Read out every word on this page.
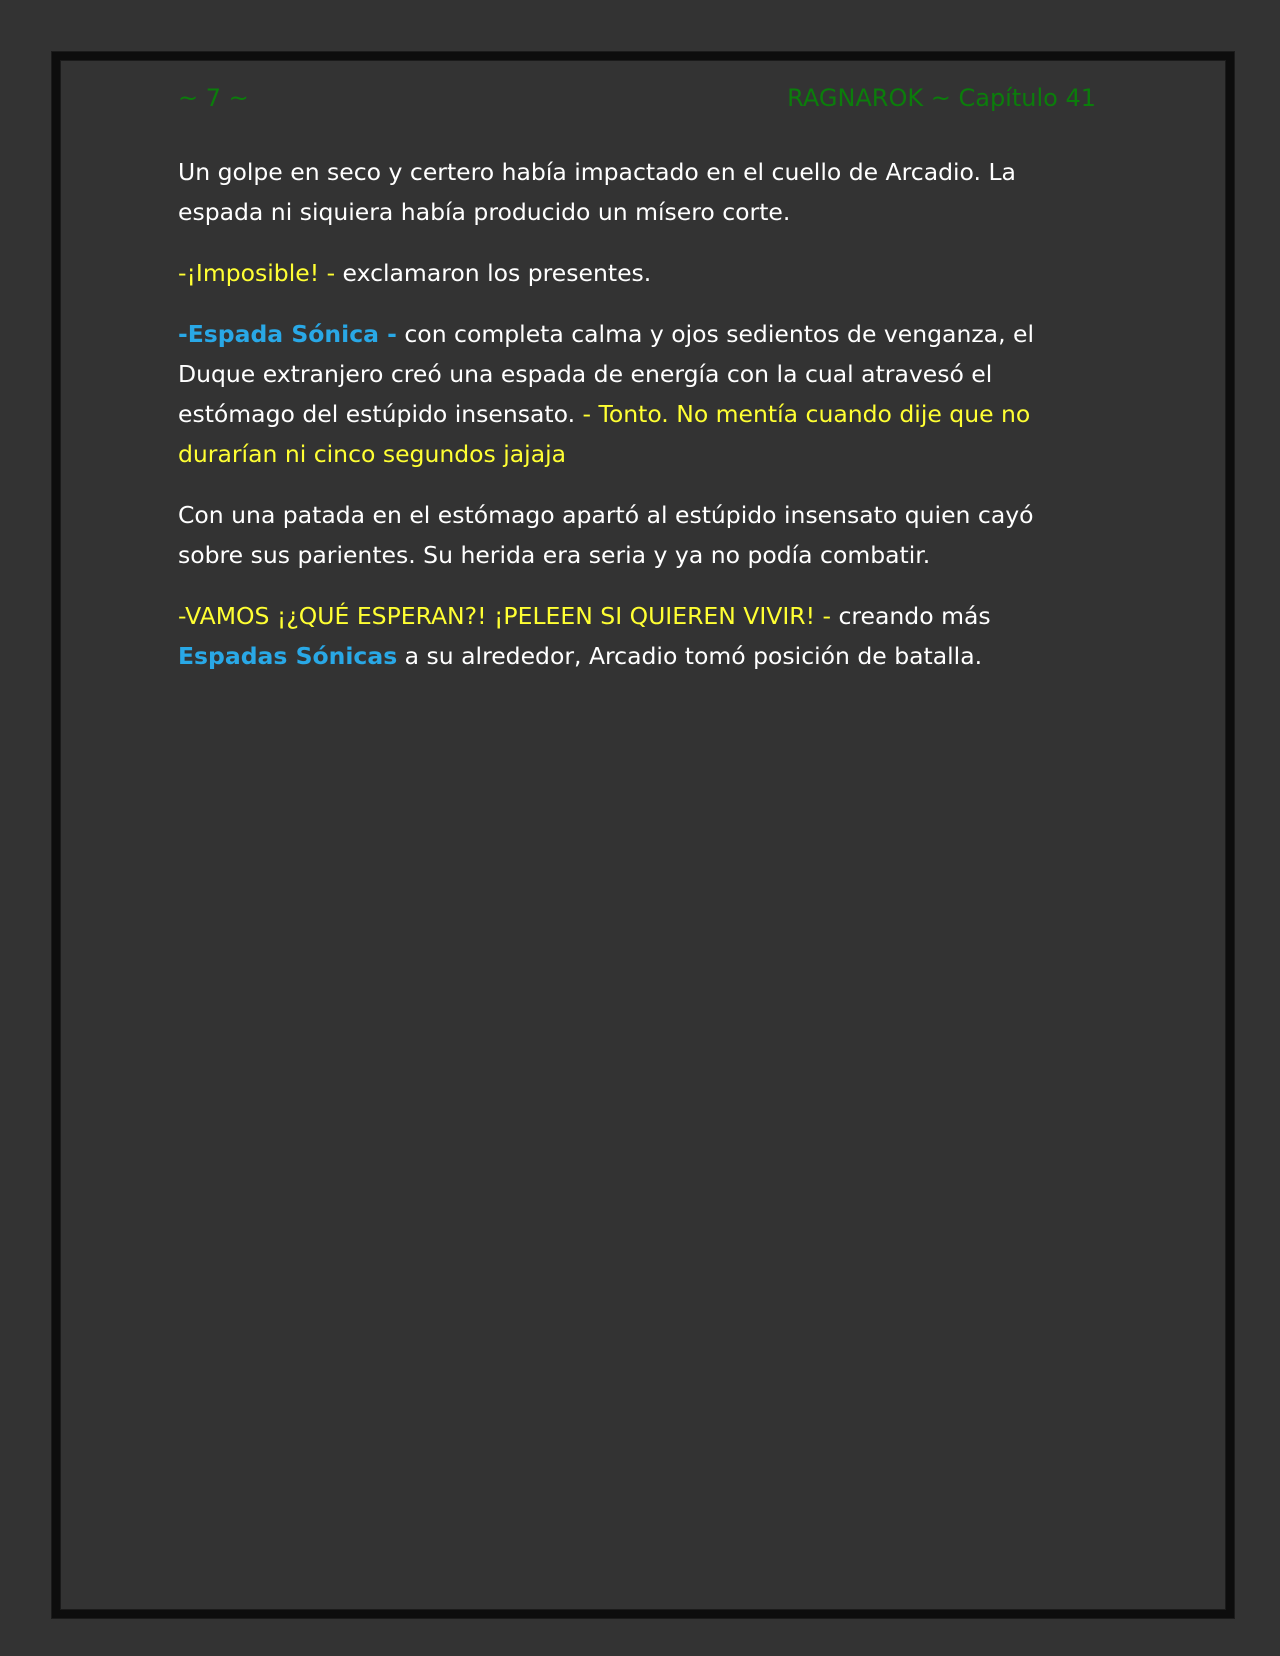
~ 7 ~	RAGNAROK ~ Capítulo 41

Un golpe en seco y certero había impactado en el cuello de Arcadio. La espada ni siquiera había producido un mísero corte.

-¡Imposible! - exclamaron los presentes.

-Espada Sónica - con completa calma y ojos sedientos de venganza, el Duque extranjero creó una espada de energía con la cual atravesó el estómago del estúpido insensato. - Tonto. No mentía cuando dije que no durarían ni cinco segundos jajaja

Con una patada en el estómago apartó al estúpido insensato quien cayó sobre sus parientes. Su herida era seria y ya no podía combatir.

-VAMOS ¡¿QUÉ ESPERAN?! ¡PELEEN SI QUIEREN VIVIR! - creando más Espadas Sónicas a su alrededor, Arcadio tomó posición de batalla.
